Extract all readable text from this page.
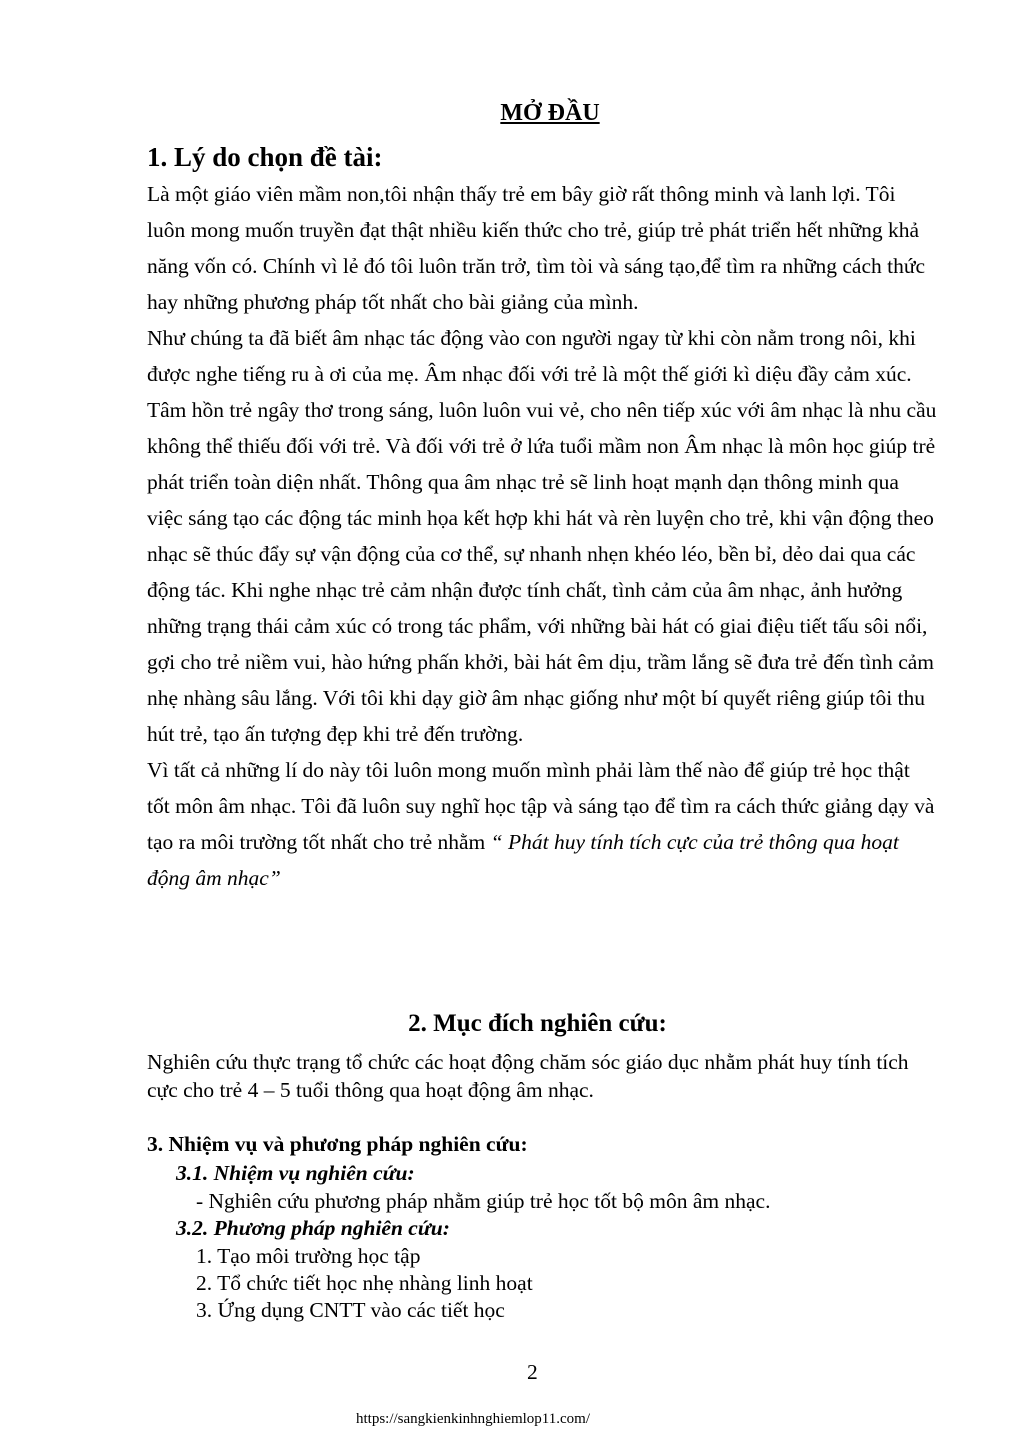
MỞ ĐẦU
1. Lý do chọn đề tài:

Là một giáo viên mầm non,tôi nhận thấy trẻ em bây giờ rất thông minh và lanh lợi. Tôi luôn mong muốn truyền đạt thật nhiều kiến thức cho trẻ, giúp trẻ phát triển hết những khả năng vốn có. Chính vì lẻ đó tôi luôn trăn trở, tìm tòi và sáng tạo,để tìm ra những cách thức hay những phương pháp tốt nhất cho bài giảng của mình.

Như chúng ta đã biết âm nhạc tác động vào con người ngay từ khi còn nằm trong nôi, khi được nghe tiếng ru à ơi của mẹ. Âm nhạc đối với trẻ là một thế giới kì diệu đầy cảm xúc. Tâm hồn trẻ ngây thơ trong sáng, luôn luôn vui vẻ, cho nên tiếp xúc với âm nhạc là nhu cầu không thể thiếu đối với trẻ. Và đối với trẻ ở lứa tuổi mầm non Âm nhạc là môn học giúp trẻ phát triển toàn diện nhất. Thông qua âm nhạc trẻ sẽ linh hoạt mạnh dạn thông minh qua việc sáng tạo các động tác minh họa kết hợp khi hát và rèn luyện cho trẻ, khi vận động theo nhạc sẽ thúc đẩy sự vận động của cơ thể, sự nhanh nhẹn khéo léo, bền bỉ, dẻo dai qua các động tác. Khi nghe nhạc trẻ cảm nhận được tính chất, tình cảm của âm nhạc, ảnh hưởng những trạng thái cảm xúc có trong tác phẩm, với những bài hát có giai điệu tiết tấu sôi nổi, gợi cho trẻ niềm vui, hào hứng phấn khởi, bài hát êm dịu, trầm lắng sẽ đưa trẻ đến tình cảm nhẹ nhàng sâu lắng. Với tôi khi dạy giờ âm nhạc giống như một bí quyết riêng giúp tôi thu hút trẻ, tạo ấn tượng đẹp khi trẻ đến trường.

Vì tất cả những lí do này tôi luôn mong muốn mình phải làm thế nào để giúp trẻ học thật tốt môn âm nhạc. Tôi đã luôn suy nghĩ học tập và sáng tạo để tìm ra cách thức giảng dạy và tạo ra môi trường tốt nhất cho trẻ nhằm “ Phát huy tính tích cực của trẻ thông qua hoạt động âm nhạc”

2. Mục đích nghiên cứu:

Nghiên cứu thực trạng tổ chức các hoạt động chăm sóc giáo dục nhằm phát huy tính tích cực cho trẻ 4 – 5 tuổi thông qua hoạt động âm nhạc.

3. Nhiệm vụ và phương pháp nghiên cứu:
3.1. Nhiệm vụ nghiên cứu:
- Nghiên cứu phương pháp nhằm giúp trẻ học tốt bộ môn âm nhạc.
3.2. Phương pháp nghiên cứu:
1. Tạo môi trường học tập
2. Tổ chức tiết học nhẹ nhàng linh hoạt
3. Ứng dụng CNTT vào các tiết học
2
https://sangkienkinhnghiemlop11.com/
